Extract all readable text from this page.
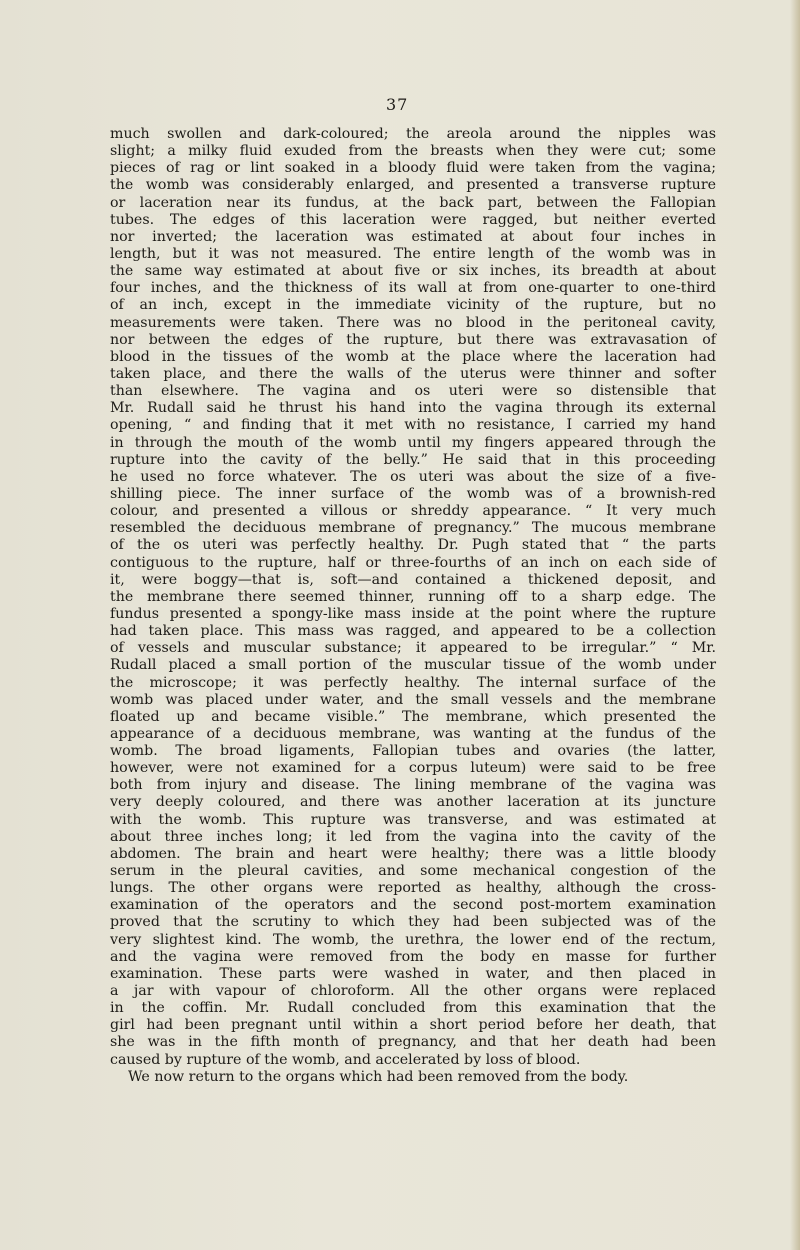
37
much swollen and dark-coloured; the areola around the nipples was
slight; a milky fluid exuded from the breasts when they were cut; some
pieces of rag or lint soaked in a bloody fluid were taken from the vagina;
the womb was considerably enlarged, and presented a transverse rupture
or laceration near its fundus, at the back part, between the Fallopian
tubes. The edges of this laceration were ragged, but neither everted
nor inverted; the laceration was estimated at about four inches in
length, but it was not measured. The entire length of the womb was in
the same way estimated at about five or six inches, its breadth at about
four inches, and the thickness of its wall at from one-quarter to one-third
of an inch, except in the immediate vicinity of the rupture, but no
measurements were taken. There was no blood in the peritoneal cavity,
nor between the edges of the rupture, but there was extravasation of
blood in the tissues of the womb at the place where the laceration had
taken place, and there the walls of the uterus were thinner and softer
than elsewhere. The vagina and os uteri were so distensible that
Mr. Rudall said he thrust his hand into the vagina through its external
opening, “ and finding that it met with no resistance, I carried my hand
in through the mouth of the womb until my fingers appeared through the
rupture into the cavity of the belly.” He said that in this proceeding
he used no force whatever. The os uteri was about the size of a five-
shilling piece. The inner surface of the womb was of a brownish-red
colour, and presented a villous or shreddy appearance. “ It very much
resembled the deciduous membrane of pregnancy.” The mucous membrane
of the os uteri was perfectly healthy. Dr. Pugh stated that “ the parts
contiguous to the rupture, half or three-fourths of an inch on each side of
it, were boggy—that is, soft—and contained a thickened deposit, and
the membrane there seemed thinner, running off to a sharp edge. The
fundus presented a spongy-like mass inside at the point where the rupture
had taken place. This mass was ragged, and appeared to be a collection
of vessels and muscular substance; it appeared to be irregular.” “ Mr.
Rudall placed a small portion of the muscular tissue of the womb under
the microscope; it was perfectly healthy. The internal surface of the
womb was placed under water, and the small vessels and the membrane
floated up and became visible.” The membrane, which presented the
appearance of a deciduous membrane, was wanting at the fundus of the
womb. The broad ligaments, Fallopian tubes and ovaries (the latter,
however, were not examined for a corpus luteum) were said to be free
both from injury and disease. The lining membrane of the vagina was
very deeply coloured, and there was another laceration at its juncture
with the womb. This rupture was transverse, and was estimated at
about three inches long; it led from the vagina into the cavity of the
abdomen. The brain and heart were healthy; there was a little bloody
serum in the pleural cavities, and some mechanical congestion of the
lungs. The other organs were reported as healthy, although the cross-
examination of the operators and the second post-mortem examination
proved that the scrutiny to which they had been subjected was of the
very slightest kind. The womb, the urethra, the lower end of the rectum,
and the vagina were removed from the body en masse for further
examination. These parts were washed in water, and then placed in
a jar with vapour of chloroform. All the other organs were replaced
in the coffin. Mr. Rudall concluded from this examination that the
girl had been pregnant until within a short period before her death, that
she was in the fifth month of pregnancy, and that her death had been
caused by rupture of the womb, and accelerated by loss of blood.
We now return to the organs which had been removed from the body.
